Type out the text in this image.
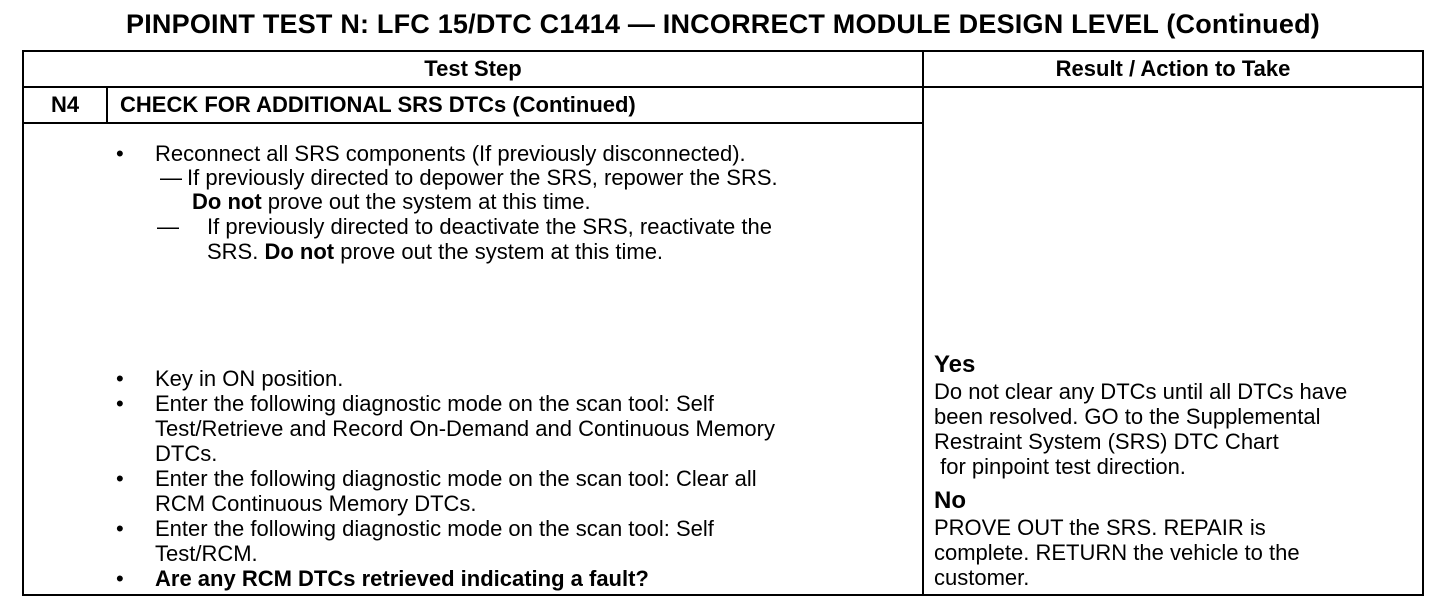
PINPOINT TEST N: LFC 15/DTC C1414 — INCORRECT MODULE DESIGN LEVEL (Continued)
Test Step	Result / Action to Take
N4	CHECK FOR ADDITIONAL SRS DTCs (Continued)
• Reconnect all SRS components (If previously disconnected).
— If previously directed to depower the SRS, repower the SRS.
Do not prove out the system at this time.
— If previously directed to deactivate the SRS, reactivate the
SRS. Do not prove out the system at this time.
• Key in ON position.
• Enter the following diagnostic mode on the scan tool: Self
Test/Retrieve and Record On-Demand and Continuous Memory
DTCs.
• Enter the following diagnostic mode on the scan tool: Clear all
RCM Continuous Memory DTCs.
• Enter the following diagnostic mode on the scan tool: Self
Test/RCM.
• Are any RCM DTCs retrieved indicating a fault?
Yes
Do not clear any DTCs until all DTCs have
been resolved. GO to the Supplemental
Restraint System (SRS) DTC Chart
for pinpoint test direction.
No
PROVE OUT the SRS. REPAIR is
complete. RETURN the vehicle to the
customer.
